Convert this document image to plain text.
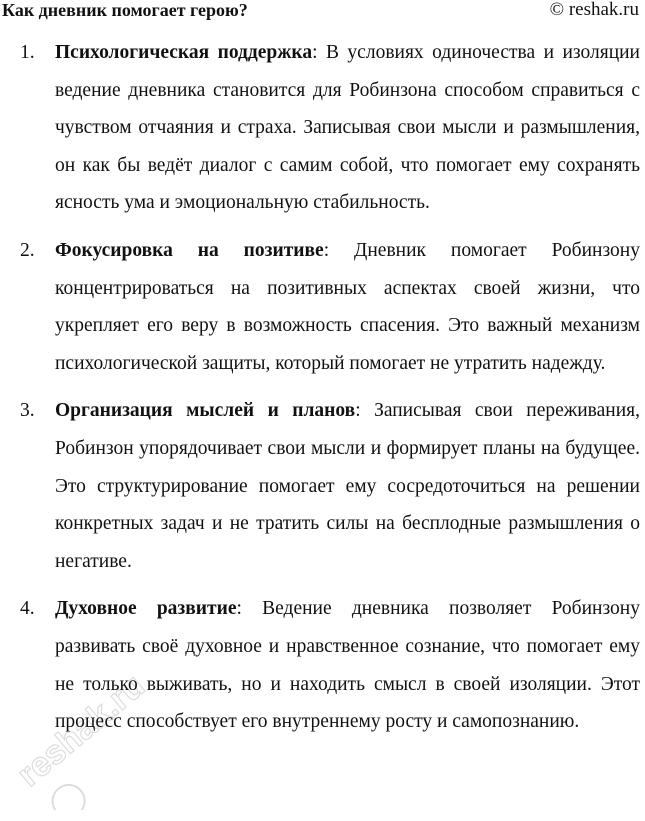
Как дневник помогает герою?	© reshak.ru
1. Психологическая поддержка: В условиях одиночества и изоляции ведение дневника становится для Робинзона способом справиться с чувством отчаяния и страха. Записывая свои мысли и размышления, он как бы ведёт диалог с самим собой, что помогает ему сохранять ясность ума и эмоциональную стабильность.
2. Фокусировка на позитиве: Дневник помогает Робинзону концентрироваться на позитивных аспектах своей жизни, что укрепляет его веру в возможность спасения. Это важный механизм психологической защиты, который помогает не утратить надежду.
3. Организация мыслей и планов: Записывая свои переживания, Робинзон упорядочивает свои мысли и формирует планы на будущее. Это структурирование помогает ему сосредоточиться на решении конкретных задач и не тратить силы на бесплодные размышления о негативе.
4. Духовное развитие: Ведение дневника позволяет Робинзону развивать своё духовное и нравственное сознание, что помогает ему не только выживать, но и находить смысл в своей изоляции. Этот процесс способствует его внутреннему росту и самопознанию.
reshak.ru
